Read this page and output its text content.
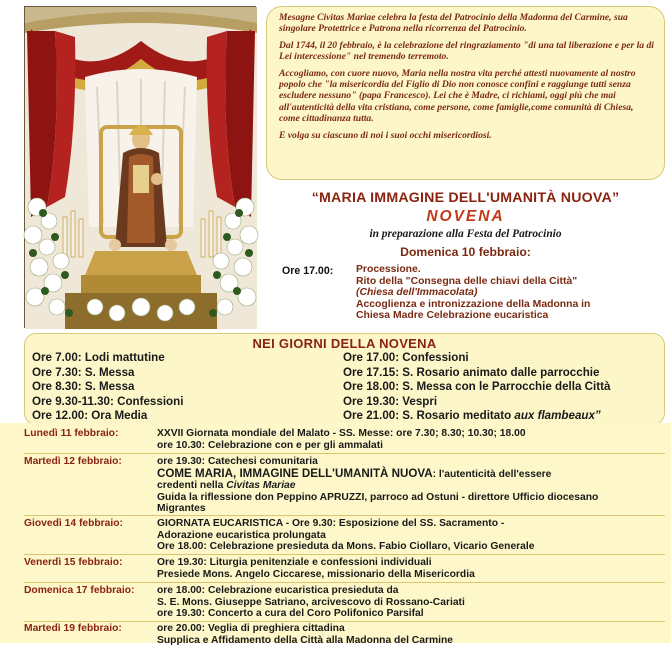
Mesagne Civitas Mariae celebra la festa del Patrocinio della Madonna del Carmine, sua singolare Protettrice e Patrona nella ricorrenza del Patrocinio.

Dal 1744, il 20 febbraio, è la celebrazione del ringraziamento "di una tal liberazione e per la di Lei intercessione" nel tremendo terremoto.

Accogliamo, con cuore nuovo, Maria nella nostra vita perché attesti nuovamente al nostro popolo che "la misericordia del Figlio di Dio non conosce confini e raggiunge tutti senza escludere nessuno" (papa Francesco). Lei che è Madre, ci richiami, oggi più che mai all'autenticità della vita cristiana, come persone, come famiglie,come comunità di Chiesa, come cittadinanza tutta.

E volga su ciascuno di noi i suoi occhi misericordiosi.

“MARIA IMMAGINE DELL'UMANITÀ NUOVA”
NOVENA
in preparazione alla Festa del Patrocinio
Domenica 10 febbraio:
Ore 17.00: Processione.
Rito della "Consegna delle chiavi della Città"
(Chiesa dell'Immacolata)
Accoglienza e intronizzazione della Madonna in
Chiesa Madre Celebrazione eucaristica
NEI GIORNI DELLA NOVENA
Ore 7.00: Lodi mattutine
Ore 7.30: S. Messa
Ore 8.30: S. Messa
Ore 9.30-11.30: Confessioni
Ore 12.00: Ora Media
Ore 17.00: Confessioni
Ore 17.15: S. Rosario animato dalle parrocchie
Ore 18.00: S. Messa con le Parrocchie della Città
Ore 19.30: Vespri
Ore 21.00: S. Rosario meditato aux flambeaux”
Lunedì 11 febbraio:	XXVII Giornata mondiale del Malato - SS. Messe: ore 7.30; 8.30; 10.30; 18.00
ore 10.30: Celebrazione con e per gli ammalati
Martedì 12 febbraio:	ore 19.30: Catechesi comunitaria
COME MARIA, IMMAGINE DELL'UMANITÀ NUOVA: l'autenticità dell'essere
credenti nella Civitas Mariae
Guida la riflessione don Peppino APRUZZI, parroco ad Ostuni - direttore Ufficio diocesano
Migrantes
Giovedì 14 febbraio:	GIORNATA EUCARISTICA - Ore 9.30: Esposizione del SS. Sacramento -
Adorazione eucaristica prolungata
Ore 18.00: Celebrazione presieduta da Mons. Fabio Ciollaro, Vicario Generale
Venerdì 15 febbraio:	Ore 19.30: Liturgia penitenziale e confessioni individuali
Presiede Mons. Angelo Ciccarese, missionario della Misericordia
Domenica 17 febbraio: ore 18.00: Celebrazione eucaristica presieduta da
S. E. Mons. Giuseppe Satriano, arcivescovo di Rossano-Cariati
ore 19.30: Concerto a cura del Coro Polifonico Parsifal
Martedì 19 febbraio:	ore 20.00: Veglia di preghiera cittadina
Supplica e Affidamento della Città alla Madonna del Carmine
